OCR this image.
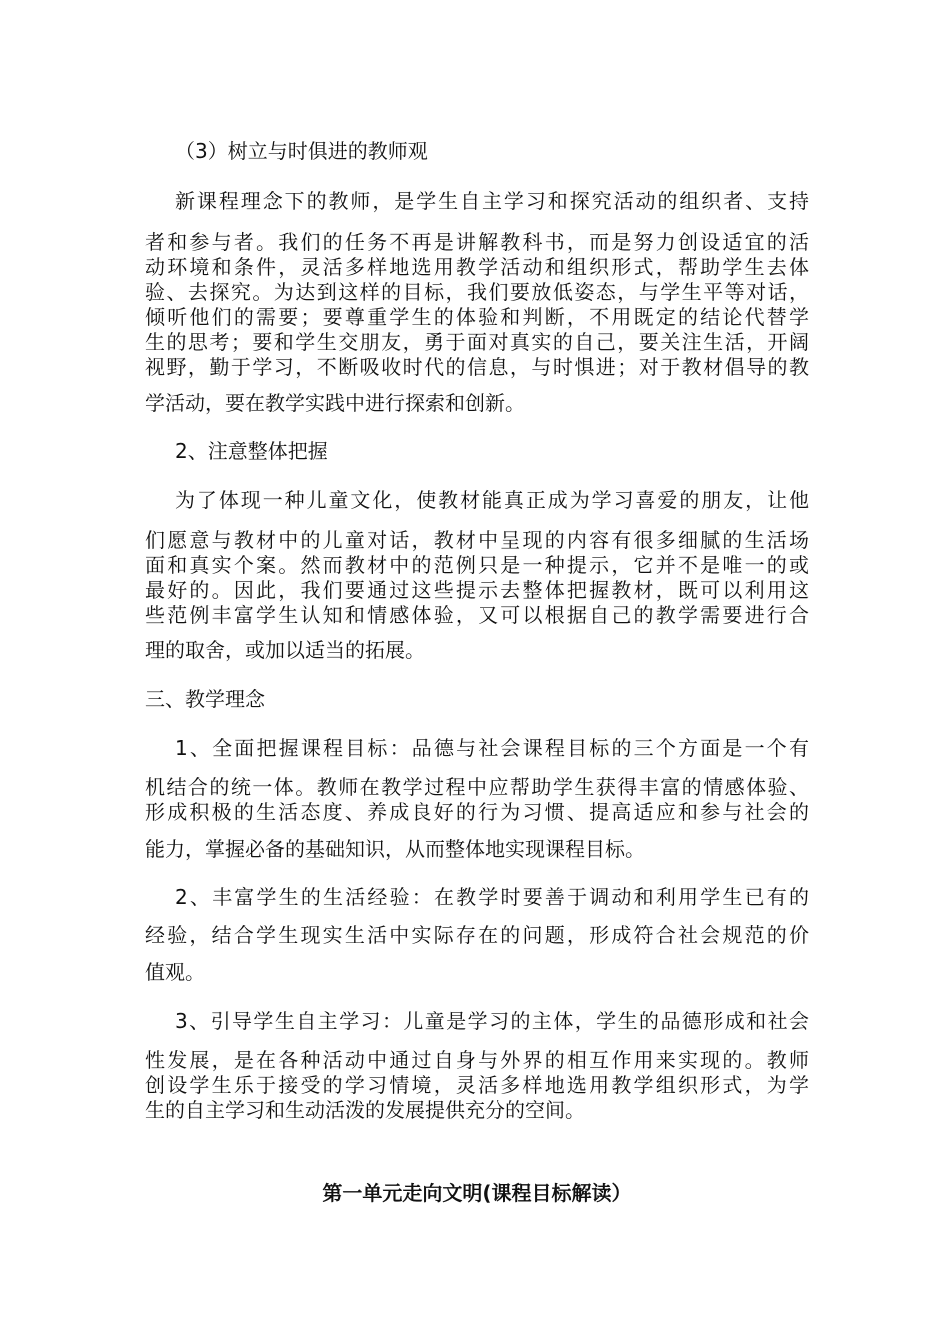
（3）树立与时俱进的教师观
新课程理念下的教师，是学生自主学习和探究活动的组织者、支持
者和参与者。我们的任务不再是讲解教科书，而是努力创设适宜的活
动环境和条件，灵活多样地选用教学活动和组织形式，帮助学生去体
验、去探究。为达到这样的目标，我们要放低姿态，与学生平等对话，
倾听他们的需要；要尊重学生的体验和判断，不用既定的结论代替学
生的思考；要和学生交朋友，勇于面对真实的自己，要关注生活，开阔
视野，勤于学习，不断吸收时代的信息，与时惧进；对于教材倡导的教
学活动，要在教学实践中进行探索和创新。
2、注意整体把握
为了体现一种儿童文化，使教材能真正成为学习喜爱的朋友，让他
们愿意与教材中的儿童对话，教材中呈现的内容有很多细腻的生活场
面和真实个案。然而教材中的范例只是一种提示，它并不是唯一的或
最好的。因此，我们要通过这些提示去整体把握教材，既可以利用这
些范例丰富学生认知和情感体验，又可以根据自己的教学需要进行合
理的取舍，或加以适当的拓展。
三、教学理念
1、全面把握课程目标：品德与社会课程目标的三个方面是一个有
机结合的统一体。教师在教学过程中应帮助学生获得丰富的情感体验、
形成积极的生活态度、养成良好的行为习惯、提高适应和参与社会的
能力，掌握必备的基础知识，从而整体地实现课程目标。
2、丰富学生的生活经验：在教学时要善于调动和利用学生已有的
经验，结合学生现实生活中实际存在的问题，形成符合社会规范的价
值观。
3、引导学生自主学习：儿童是学习的主体，学生的品德形成和社会
性发展，是在各种活动中通过自身与外界的相互作用来实现的。教师
创设学生乐于接受的学习情境，灵活多样地选用教学组织形式，为学
生的自主学习和生动活泼的发展提供充分的空间。
第一单元走向文明(课程目标解读）
